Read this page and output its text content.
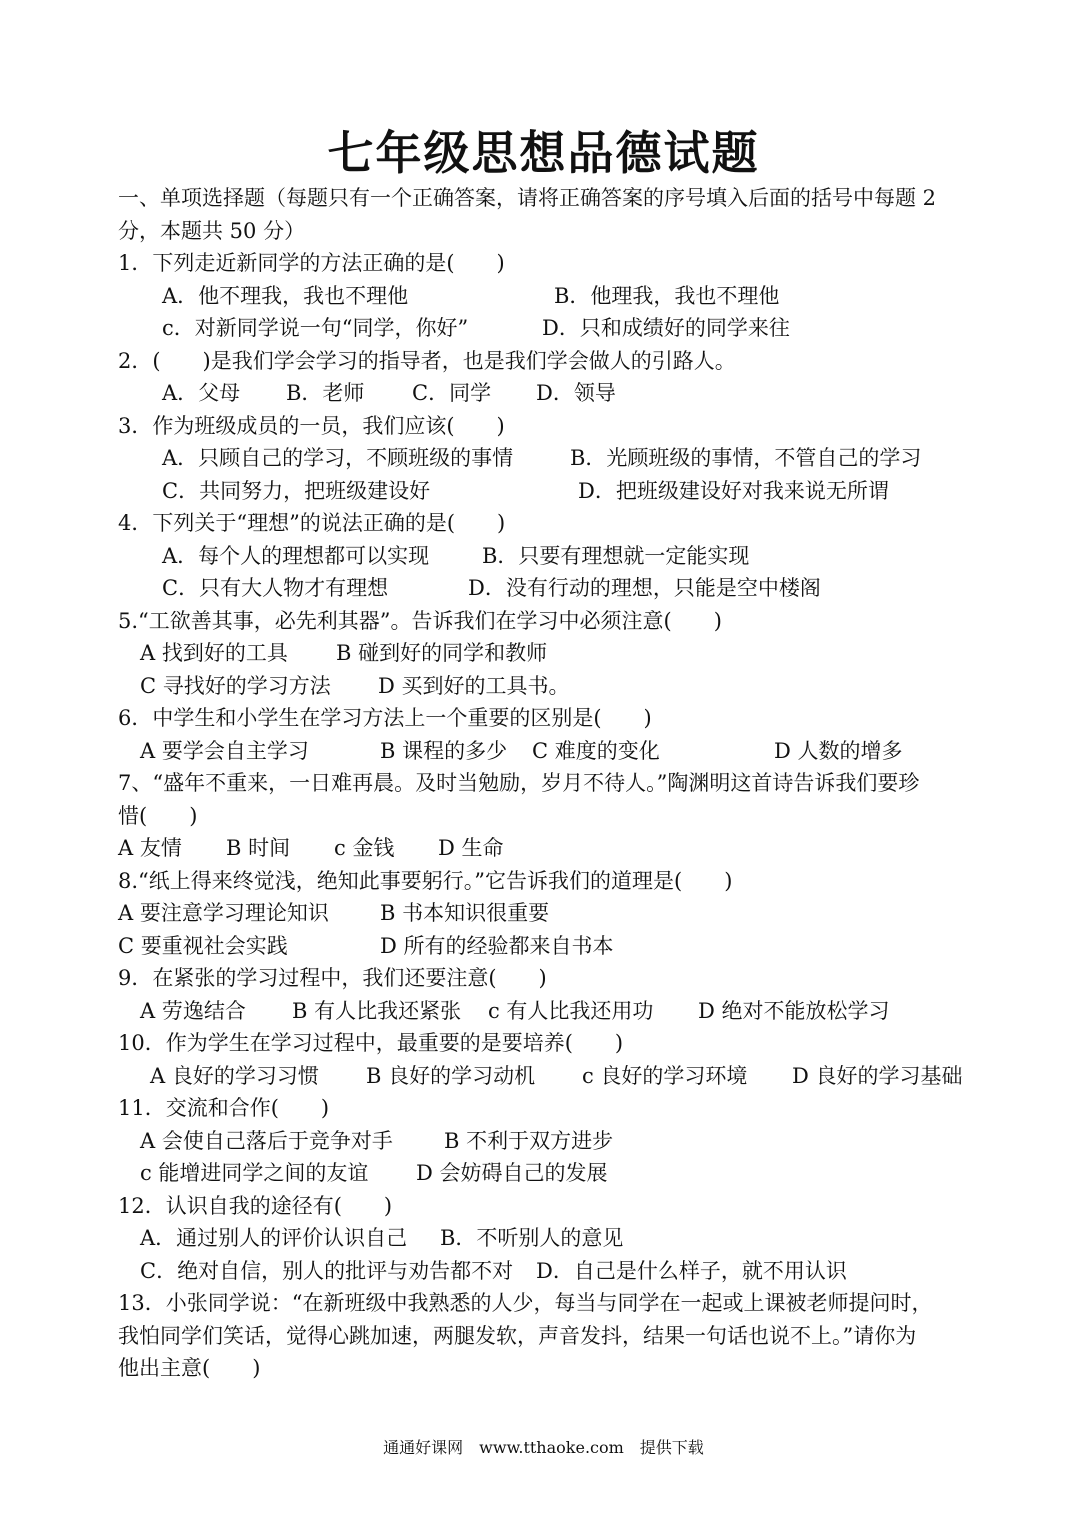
七年级思想品德试题
一、单项选择题（每题只有一个正确答案，请将正确答案的序号填入后面的括号中每题 2
分，本题共 50 分）
1．下列走近新同学的方法正确的是(　　)
A．他不理我，我也不理他	B．他理我，我也不理他
c．对新同学说一句“同学，你好”	D．只和成绩好的同学来往
2．(　　)是我们学会学习的指导者，也是我们学会做人的引路人。
A．父母 B．老师 C．同学 D．领导
3．作为班级成员的一员，我们应该(　　)
A．只顾自己的学习，不顾班级的事情	B．光顾班级的事情，不管自己的学习
C．共同努力，把班级建设好	D．把班级建设好对我来说无所谓
4．下列关于“理想”的说法正确的是(　　)
A．每个人的理想都可以实现	B．只要有理想就一定能实现
C．只有大人物才有理想	D．没有行动的理想，只能是空中楼阁
5.“工欲善其事，必先利其器”。告诉我们在学习中必须注意(　　)
A 找到好的工具 B 碰到好的同学和教师
C 寻找好的学习方法 D 买到好的工具书。
6．中学生和小学生在学习方法上一个重要的区别是(　　)
A 要学会自主学习	B 课程的多少 C 难度的变化	D 人数的增多
7、“盛年不重来，一日难再晨。及时当勉励，岁月不待人。”陶渊明这首诗告诉我们要珍
惜(　　)
A 友情 B 时间 c 金钱 D 生命
8.“纸上得来终觉浅，绝知此事要躬行。”它告诉我们的道理是(　　)
A 要注意学习理论知识 B 书本知识很重要
C 要重视社会实践	D 所有的经验都来自书本
9．在紧张的学习过程中，我们还要注意(　　)
A 劳逸结合 B 有人比我还紧张 c 有人比我还用功 D 绝对不能放松学习
10．作为学生在学习过程中，最重要的是要培养(　　)
A 良好的学习习惯 B 良好的学习动机 c 良好的学习环境 D 良好的学习基础
11．交流和合作(　　)
A 会使自己落后于竞争对手 B 不利于双方进步
c 能增进同学之间的友谊 D 会妨碍自己的发展
12．认识自我的途径有(　　)
A．通过别人的评价认识自己 B．不听别人的意见
C．绝对自信，别人的批评与劝告都不对 D．自己是什么样子，就不用认识
13．小张同学说：“在新班级中我熟悉的人少，每当与同学在一起或上课被老师提问时，
我怕同学们笑话，觉得心跳加速，两腿发软，声音发抖，结果一句话也说不上。”请你为
他出主意(　　)
通通好课网　www.tthaoke.com　提供下载
